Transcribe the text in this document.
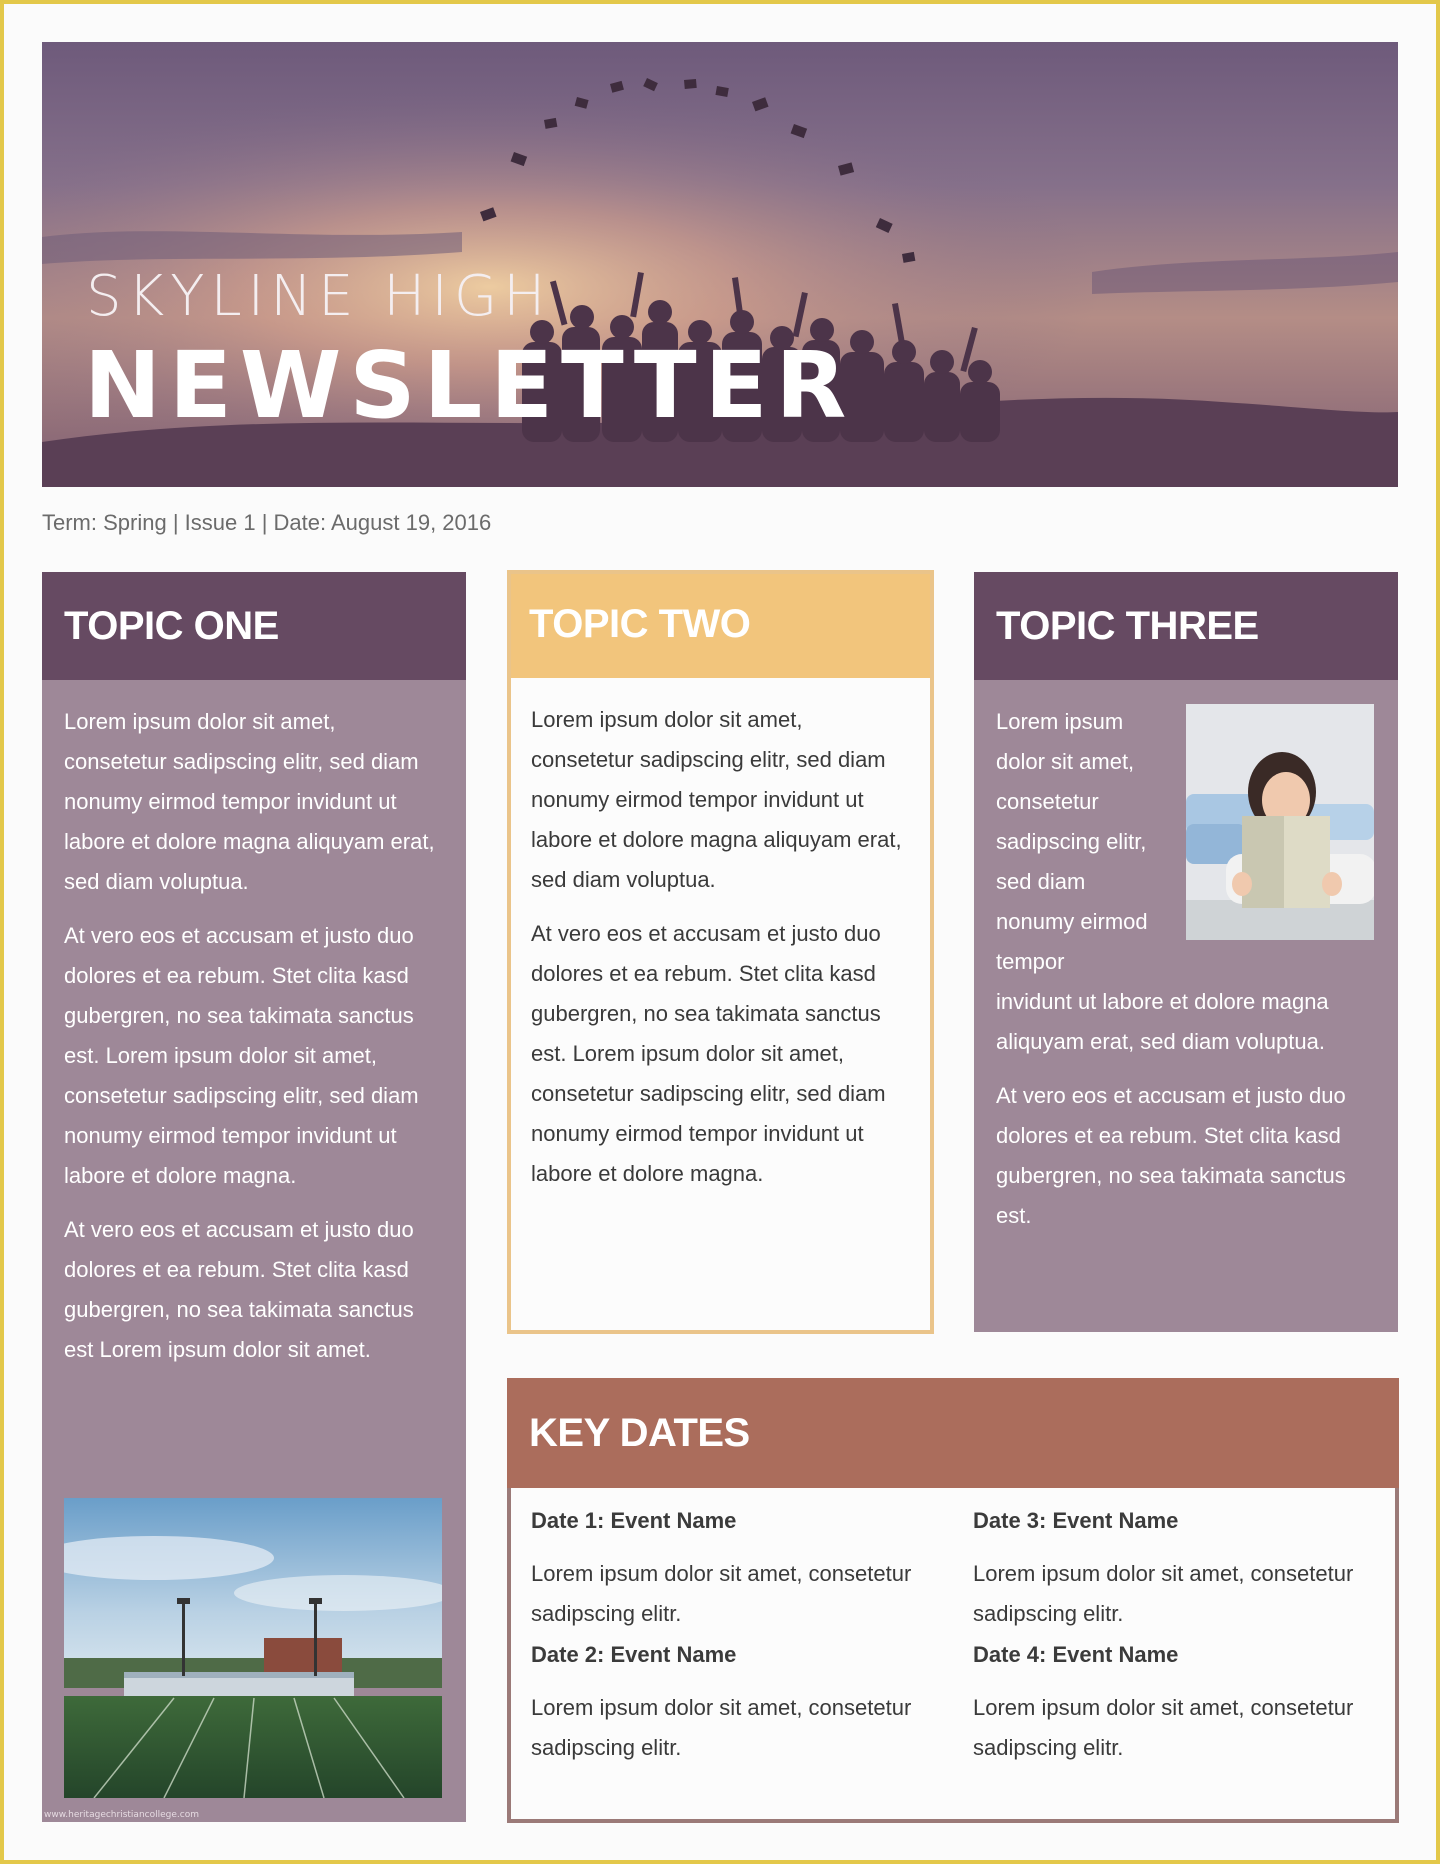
SKYLINE HIGH
NEWSLETTER
Term: Spring | Issue 1 | Date: August 19, 2016
TOPIC ONE

Lorem ipsum dolor sit amet, consetetur sadipscing elitr, sed diam nonumy eirmod tempor invidunt ut labore et dolore magna aliquyam erat, sed diam voluptua.

At vero eos et accusam et justo duo dolores et ea rebum. Stet clita kasd gubergren, no sea takimata sanctus est. Lorem ipsum dolor sit amet, consetetur sadipscing elitr, sed diam nonumy eirmod tempor invidunt ut labore et dolore magna.

At vero eos et accusam et justo duo dolores et ea rebum. Stet clita kasd gubergren, no sea takimata sanctus est Lorem ipsum dolor sit amet.

www.heritagechristiancollege.com
TOPIC TWO

Lorem ipsum dolor sit amet, consetetur sadipscing elitr, sed diam nonumy eirmod tempor invidunt ut labore et dolore magna aliquyam erat, sed diam voluptua.

At vero eos et accusam et justo duo dolores et ea rebum. Stet clita kasd gubergren, no sea takimata sanctus est. Lorem ipsum dolor sit amet, consetetur sadipscing elitr, sed diam nonumy eirmod tempor invidunt ut labore et dolore magna.

TOPIC THREE
Lorem ipsum
dolor sit amet,
consetetur
sadipscing elitr,
sed diam
nonumy eirmod
tempor

invidunt ut labore et dolore magna aliquyam erat, sed diam voluptua.

At vero eos et accusam et justo duo dolores et ea rebum. Stet clita kasd gubergren, no sea takimata sanctus est.

KEY DATES
Date 1: Event Name

Lorem ipsum dolor sit amet, consetetur sadipscing elitr.

Date 2: Event Name

Lorem ipsum dolor sit amet, consetetur sadipscing elitr.

Date 3: Event Name

Lorem ipsum dolor sit amet, consetetur sadipscing elitr.

Date 4: Event Name

Lorem ipsum dolor sit amet, consetetur sadipscing elitr.
